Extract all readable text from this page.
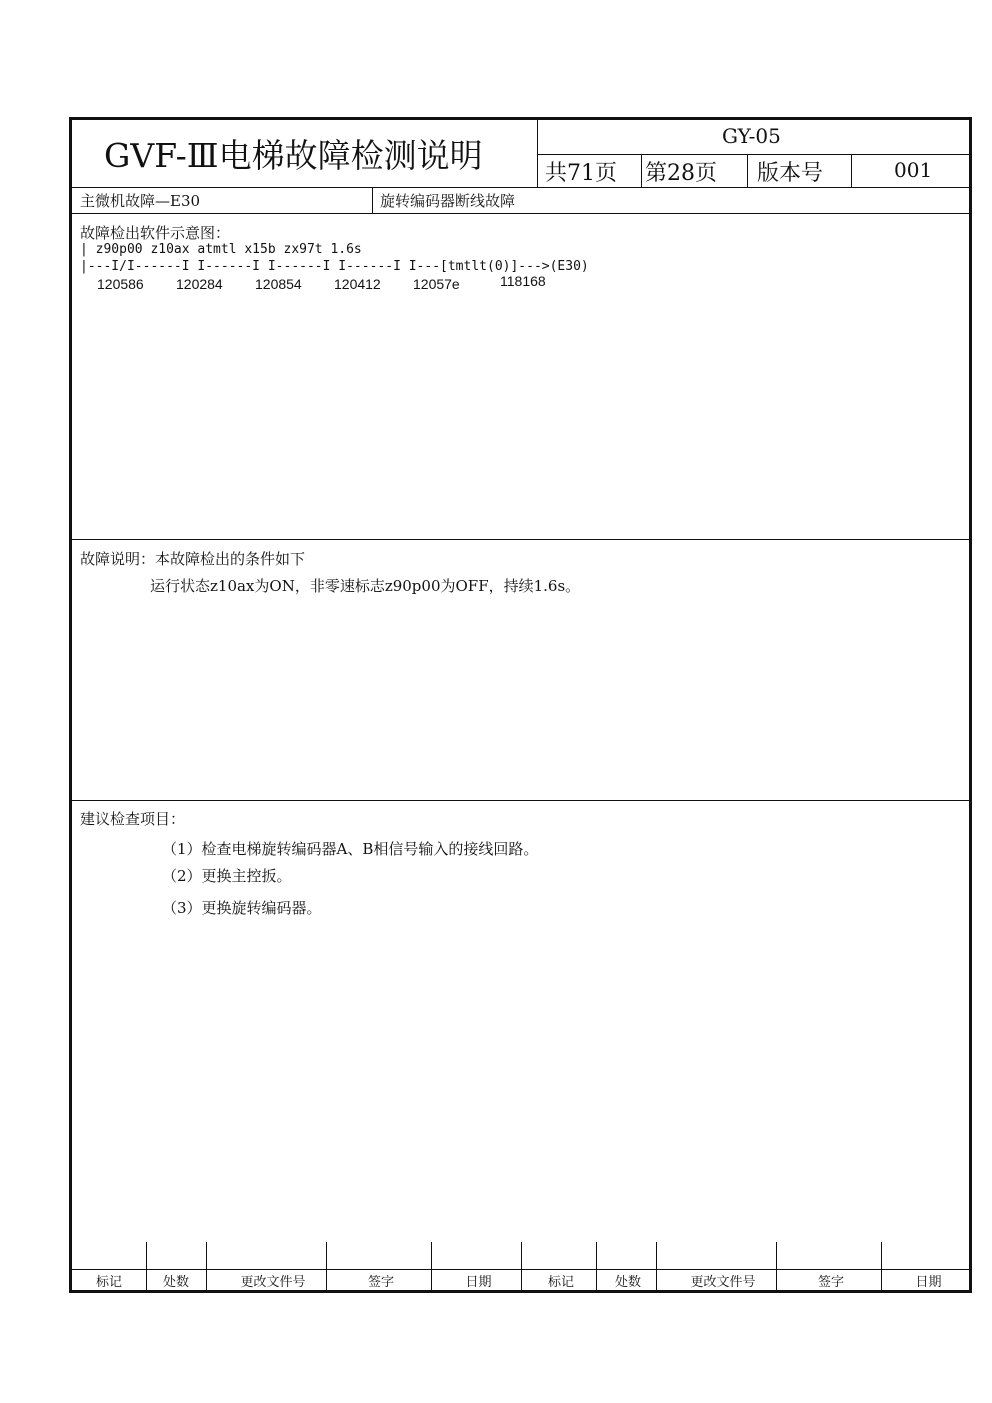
GVF-Ⅲ电梯故障检测说明	GY-05
共71页 第28页 版本号	001
主微机故障—E30	旋转编码器断线故障
故障检出软件示意图：
| z90p00 z10ax atmtl x15b zx97t 1.6s
|---I/I------I I------I I------I I------I I---[tmtlt(0)]--->(E30)
120586 120284 120854 120412 12057e	118168
故障说明：本故障检出的条件如下
运行状态z10ax为ON，非零速标志z90p00为OFF，持续1.6s。
建议检查项目：
（1）检查电梯旋转编码器A、B相信号输入的接线回路。
（2）更换主控扳。
（3）更换旋转编码器。
标记	处数	更改文件号	签字	日期	标记	处数	更改文件号	签字	日期
